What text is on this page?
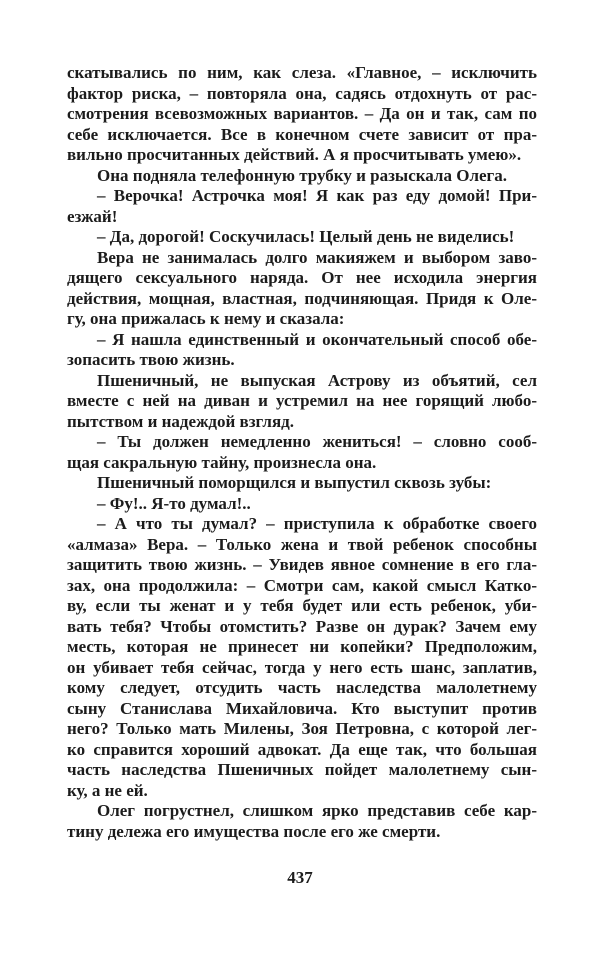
скатывались по ним, как слеза. «Главное, – исключить
фактор риска, – повторяла она, садясь отдохнуть от рас-
смотрения всевозможных вариантов. – Да он и так, сам по
себе исключается. Все в конечном счете зависит от пра-
вильно просчитанных действий. А я просчитывать умею».
Она подняла телефонную трубку и разыскала Олега.
– Верочка! Астрочка моя! Я как раз еду домой! При-
езжай!
– Да, дорогой! Соскучилась! Целый день не виделись!
Вера не занималась долго макияжем и выбором заво-
дящего сексуального наряда. От нее исходила энергия
действия, мощная, властная, подчиняющая. Придя к Оле-
гу, она прижалась к нему и сказала:
– Я нашла единственный и окончательный способ обе-
зопасить твою жизнь.
Пшеничный, не выпуская Астрову из объятий, сел
вместе с ней на диван и устремил на нее горящий любо-
пытством и надеждой взгляд.
– Ты должен немедленно жениться! – словно сооб-
щая сакральную тайну, произнесла она.
Пшеничный поморщился и выпустил сквозь зубы:
– Фу!.. Я-то думал!..
– А что ты думал? – приступила к обработке своего
«алмаза» Вера. – Только жена и твой ребенок способны
защитить твою жизнь. – Увидев явное сомнение в его гла-
зах, она продолжила: – Смотри сам, какой смысл Катко-
ву, если ты женат и у тебя будет или есть ребенок, уби-
вать тебя? Чтобы отомстить? Разве он дурак? Зачем ему
месть, которая не принесет ни копейки? Предположим,
он убивает тебя сейчас, тогда у него есть шанс, заплатив,
кому следует, отсудить часть наследства малолетнему
сыну Станислава Михайловича. Кто выступит против
него? Только мать Милены, Зоя Петровна, с которой лег-
ко справится хороший адвокат. Да еще так, что большая
часть наследства Пшеничных пойдет малолетнему сын-
ку, а не ей.
Олег погрустнел, слишком ярко представив себе кар-
тину дележа его имущества после его же смерти.
437
